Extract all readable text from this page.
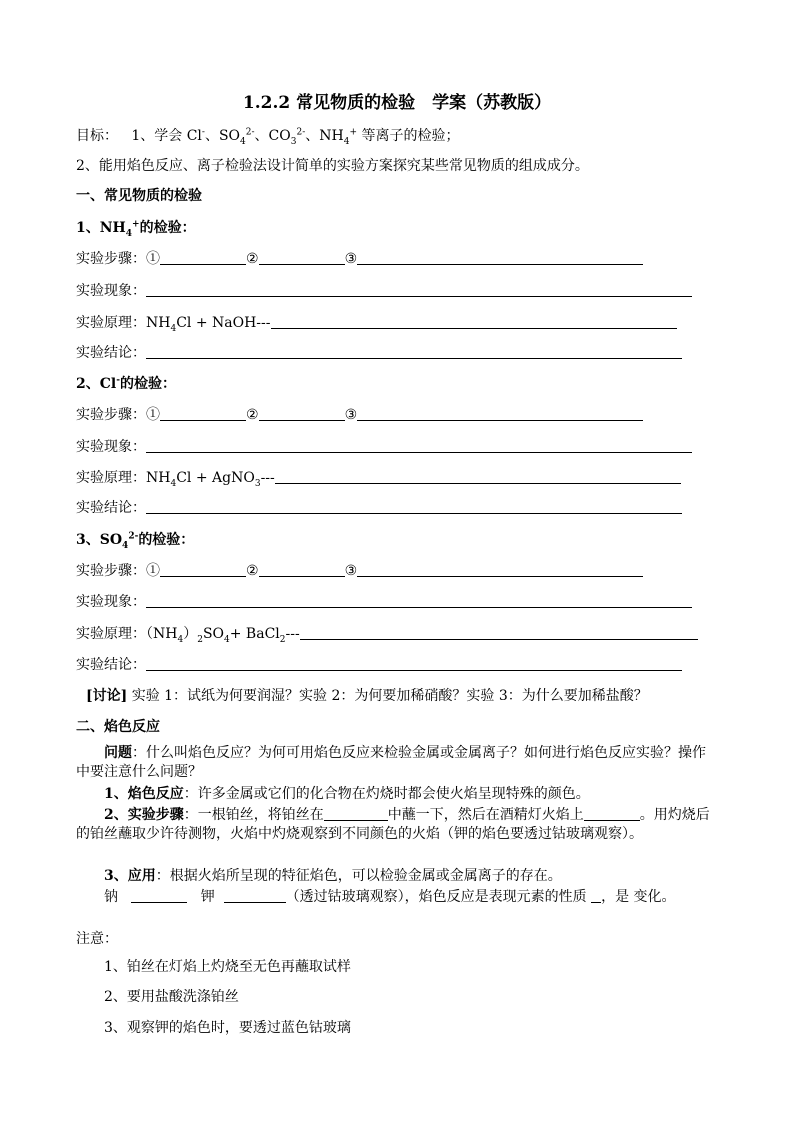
1.2.2 常见物质的检验　学案（苏教版）
目标： 1、学会 Cl-、$SO_4^{2-}$、$CO_3^{2-}$、$NH_4^+$ 等离子的检验；
2、能用焰色反应、离子检验法设计简单的实验方案探究某些常见物质的组成成分。
一、常见物质的检验
1、$NH_4^+$的检验：
实验步骤：①	②	③
实验现象：
实验原理：$NH_4Cl$ + NaOH---
实验结论：
2、Cl-的检验：
实验步骤：①	②	③
实验现象：
实验原理：$NH_4Cl$ + AgNO$_3$---
实验结论：
3、$SO_4^{2-}$的检验：
实验步骤：①	②	③
实验现象：
实验原理：$(NH_4)_2SO_4+$ BaCl$_2$---
实验结论：
[讨论] 实验 1：试纸为何要润湿？实验 2：为何要加稀硝酸？实验 3：为什么要加稀盐酸？
二、焰色反应
问题：什么叫焰色反应？为何可用焰色反应来检验金属或金属离子？如何进行焰色反应实验？操作中要注意什么问题？
1、焰色反应：许多金属或它们的化合物在灼烧时都会使火焰呈现特殊的颜色。
2、实验步骤：一根铂丝，将铂丝在	中蘸一下，然后在酒精灯火焰上	。用灼烧后的铂丝蘸取少许待测物，火焰中灼烧观察到不同颜色的火焰（钾的焰色要透过钴玻璃观察）。
3、应用：根据火焰所呈现的特征焰色，可以检验金属或金属离子的存在。
钠	钾	（透过钴玻璃观察），焰色反应是表现元素的性质 ，是 变化。
注意：
1、铂丝在灯焰上灼烧至无色再蘸取试样
2、要用盐酸洗涤铂丝
3、观察钾的焰色时，要透过蓝色钴玻璃
